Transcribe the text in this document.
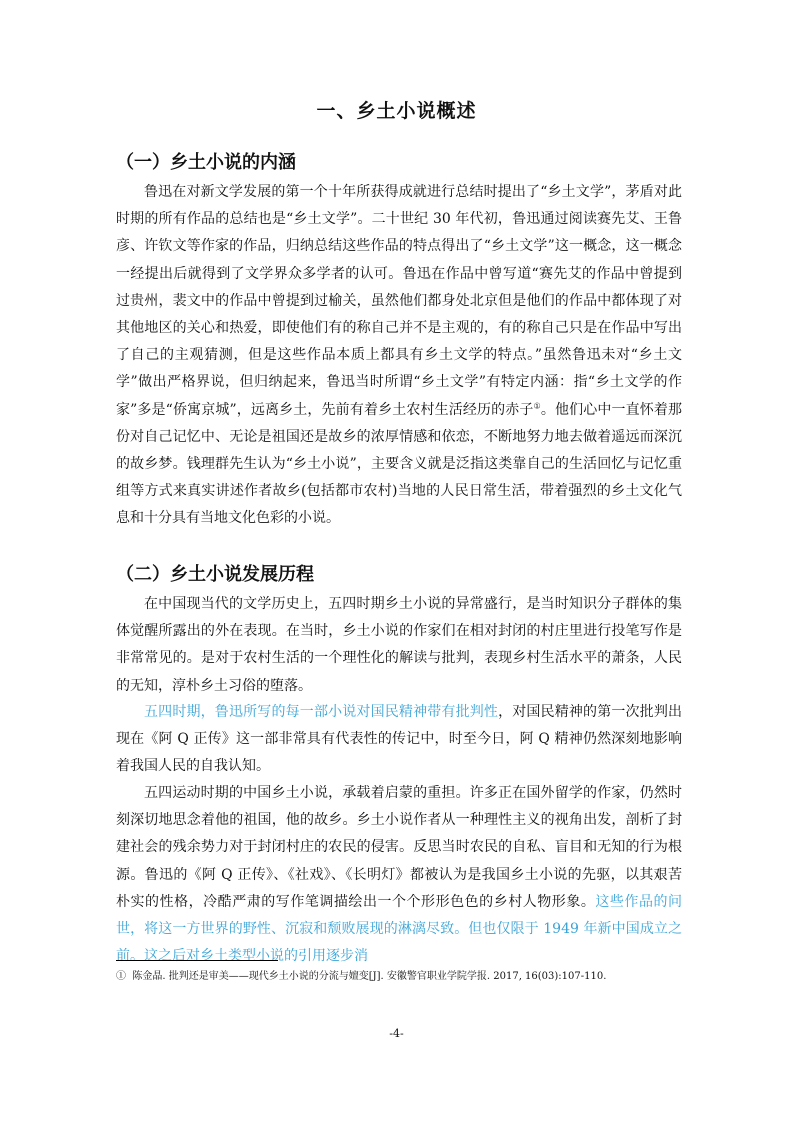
一、乡土小说概述
（一）乡土小说的内涵

鲁迅在对新文学发展的第一个十年所获得成就进行总结时提出了“乡土文学”，茅盾对此时期的所有作品的总结也是“乡土文学”。二十世纪 30 年代初，鲁迅通过阅读赛先艾、王鲁彦、许钦文等作家的作品，归纳总结这些作品的特点得出了“乡土文学”这一概念，这一概念一经提出后就得到了文学界众多学者的认可。鲁迅在作品中曾写道“赛先艾的作品中曾提到过贵州，裴文中的作品中曾提到过榆关，虽然他们都身处北京但是他们的作品中都体现了对其他地区的关心和热爱，即使他们有的称自己并不是主观的，有的称自己只是在作品中写出了自己的主观猜测，但是这些作品本质上都具有乡土文学的特点。”虽然鲁迅未对“乡土文学”做出严格界说，但归纳起来，鲁迅当时所谓“乡土文学”有特定内涵：指“乡土文学的作家”多是“侨寓京城”，远离乡土，先前有着乡土农村生活经历的赤子①。他们心中一直怀着那份对自己记忆中、无论是祖国还是故乡的浓厚情感和依恋，不断地努力地去做着遥远而深沉的故乡梦。钱理群先生认为“乡土小说”，主要含义就是泛指这类靠自己的生活回忆与记忆重组等方式来真实讲述作者故乡(包括都市农村)当地的人民日常生活，带着强烈的乡土文化气息和十分具有当地文化色彩的小说。

（二）乡土小说发展历程

在中国现当代的文学历史上，五四时期乡土小说的异常盛行，是当时知识分子群体的集体觉醒所露出的外在表现。在当时，乡土小说的作家们在相对封闭的村庄里进行投笔写作是非常常见的。是对于农村生活的一个理性化的解读与批判，表现乡村生活水平的萧条，人民的无知，淳朴乡土习俗的堕落。

五四时期，鲁迅所写的每一部小说对国民精神带有批判性，对国民精神的第一次批判出现在《阿 Q 正传》这一部非常具有代表性的传记中，时至今日，阿 Q 精神仍然深刻地影响着我国人民的自我认知。

五四运动时期的中国乡土小说，承载着启蒙的重担。许多正在国外留学的作家，仍然时刻深切地思念着他的祖国，他的故乡。乡土小说作者从一种理性主义的视角出发，剖析了封建社会的残余势力对于封闭村庄的农民的侵害。反思当时农民的自私、盲目和无知的行为根源。鲁迅的《阿 Q 正传》、《社戏》、《长明灯》都被认为是我国乡土小说的先驱，以其艰苦朴实的性格，冷酷严肃的写作笔调描绘出一个个形形色色的乡村人物形象。这些作品的问世，将这一方世界的野性、沉寂和颓败展现的淋漓尽致。但也仅限于 1949 年新中国成立之前。这之后对乡土类型小说的引用逐步消

① 陈金晶. 批判还是审美——现代乡土小说的分流与嬗变[J]. 安徽警官职业学院学报. 2017, 16(03):107-110.
-4-
